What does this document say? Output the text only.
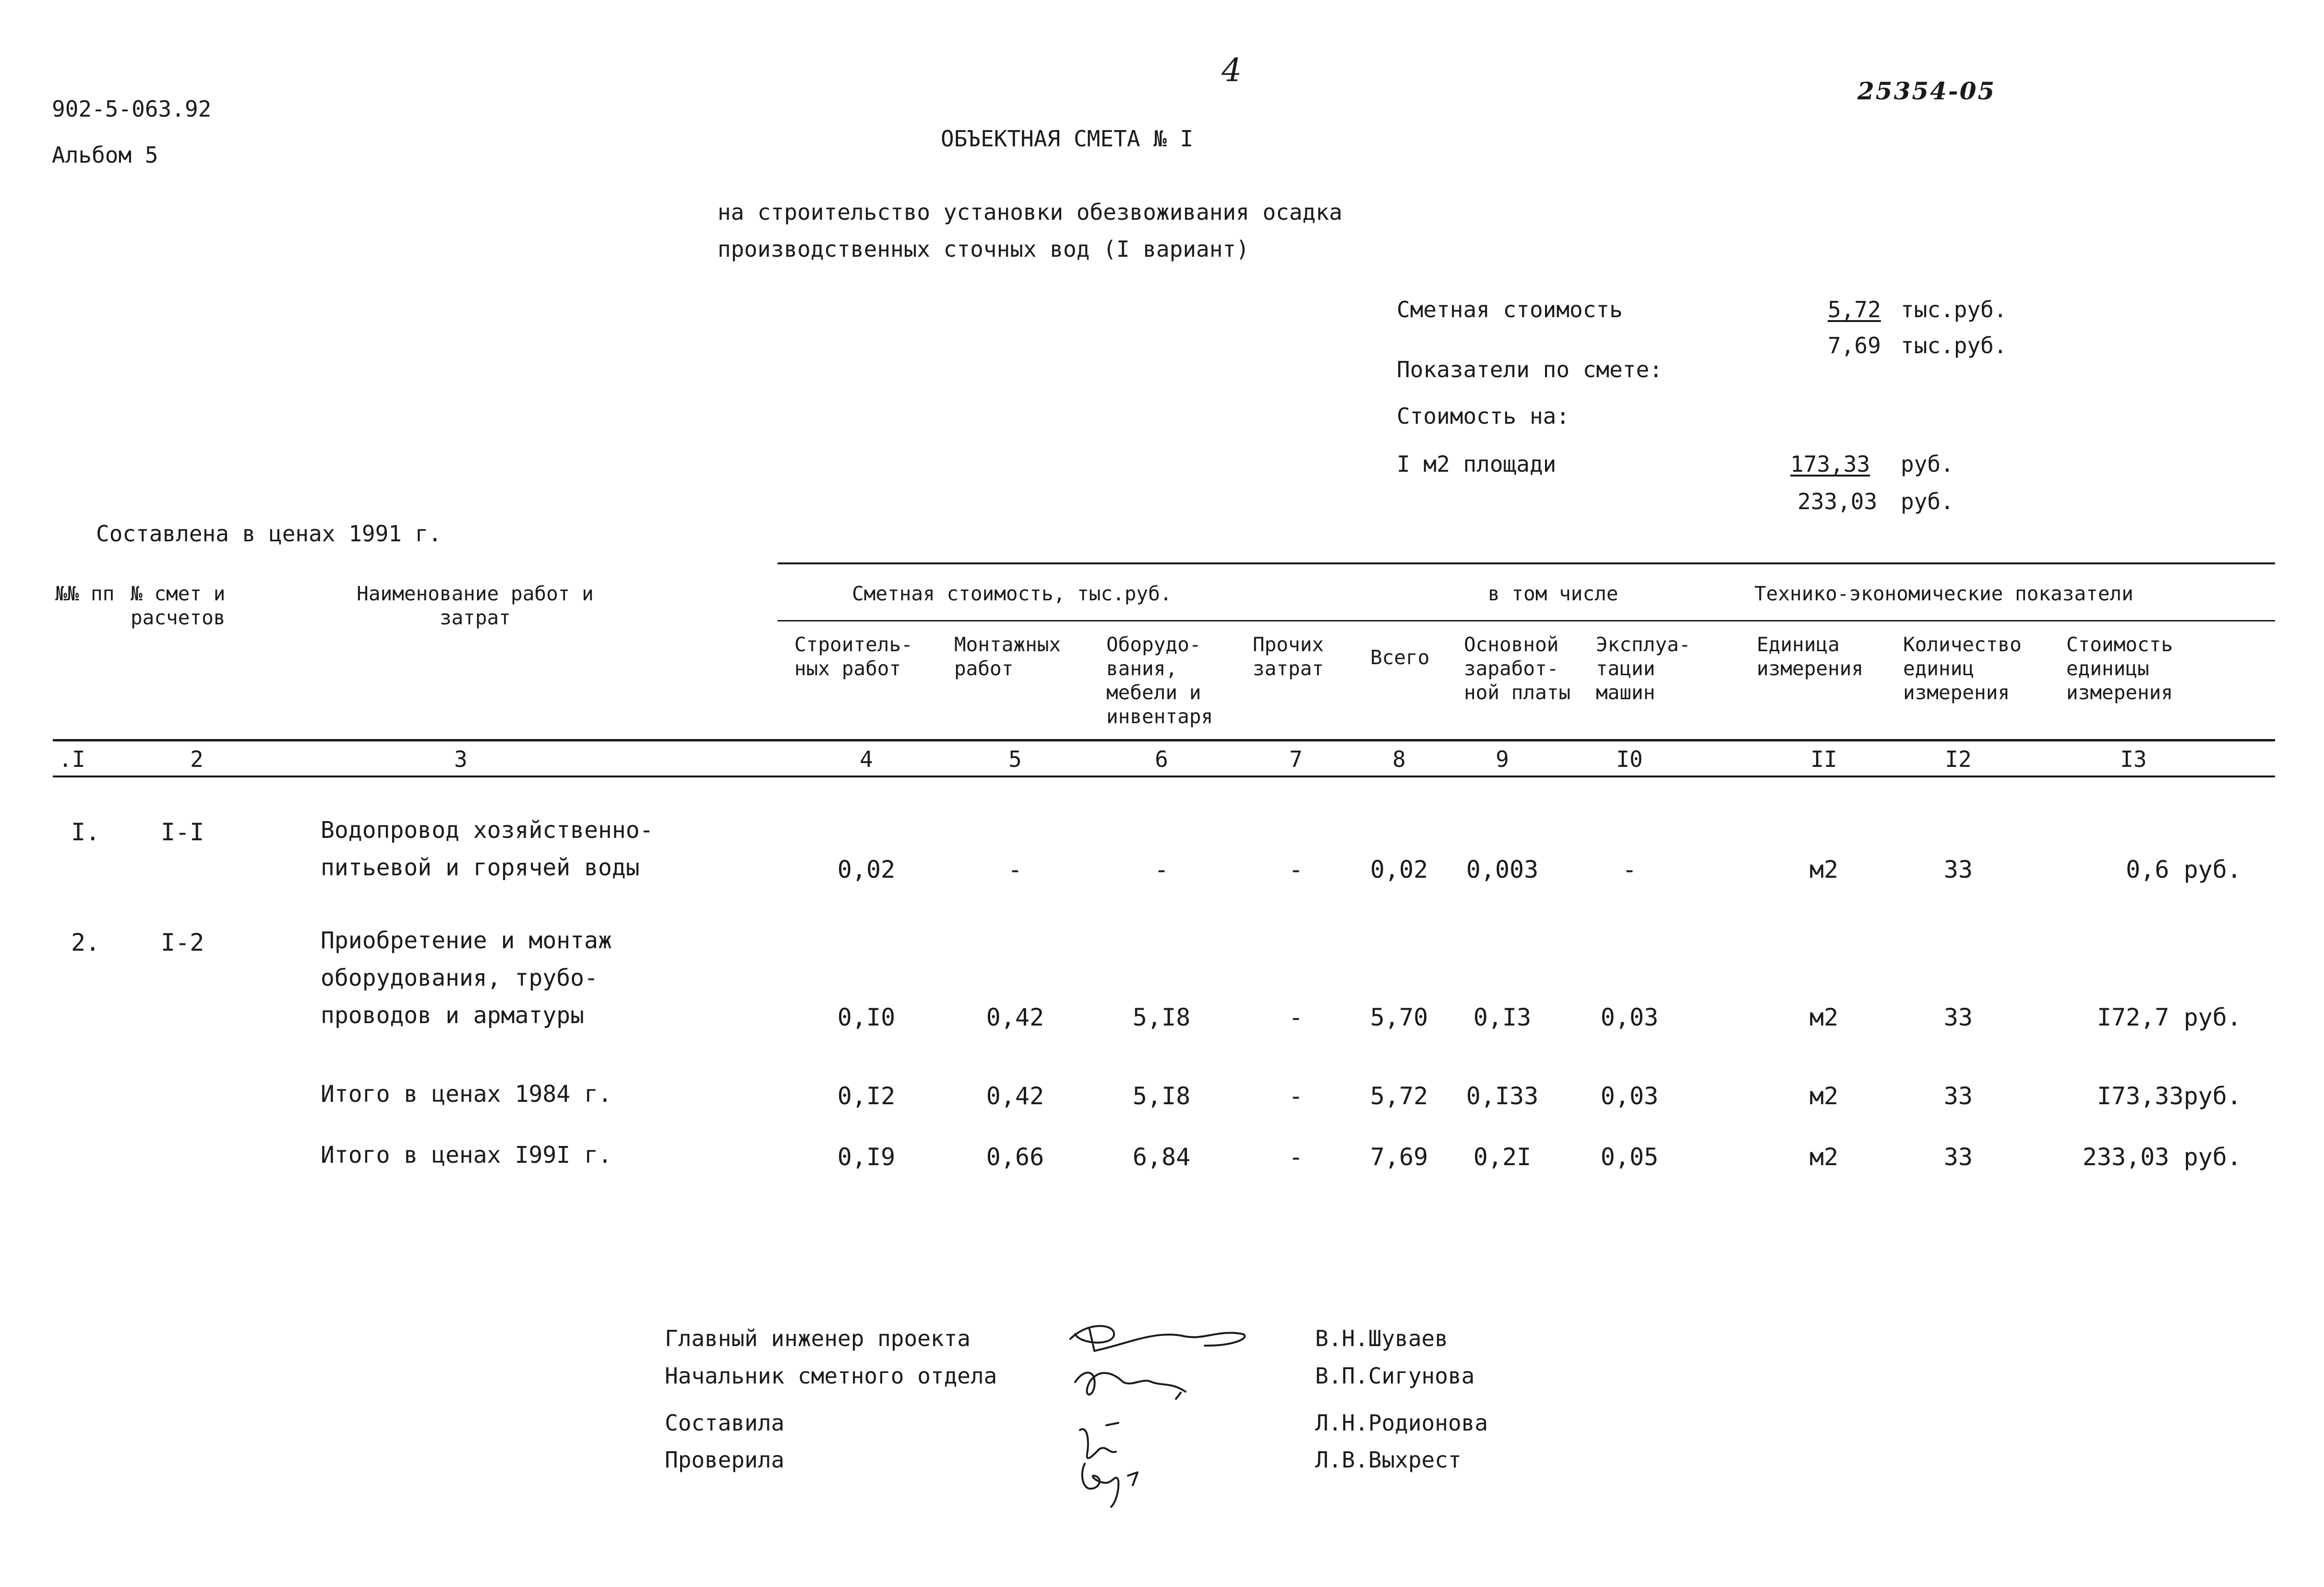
4
902-5-063.92
Альбом 5
25354-05
ОБЪЕКТНАЯ СМЕТА № I
на строительство установки обезвоживания осадка
производственных сточных вод (I вариант)
Сметная стоимость	5,72 тыс.руб.
7,69 тыс.руб.
Показатели по смете:
Стоимость на:
I м2 площади	173,33 руб.
233,03 руб.
Составлена в ценах 1991 г.
№№ пп № смет и расчетов
Наименование работ и затрат
Сметная стоимость, тыс.руб.	в том числе	Технико-экономические показатели
Строитель-ных работ
Монтажных работ
Оборудо-вания, мебели и инвентаря
Прочих затрат	Всего
Основной заработ-ной платы
Эксплуа-тации машин
Единица измерения
Количество единиц измерения
Стоимость единицы измерения
.I	2	3	4	5	6	7	8	9	I0	II	I2	I3
I.	I-I	Водопровод хозяйственно-
питьевой и горячей воды	0,02	-	-	-	0,02	0,003	-	м2	33	0,6 руб.
2.	I-2	Приобретение и монтаж
оборудования, трубо-
проводов и арматуры	0,I0	0,42	5,I8	-	5,70	0,I3	0,03	м2	33	I72,7 руб.
Итого в ценах 1984 г.	0,I2	0,42	5,I8	-	5,72	0,I33	0,03	м2	33	I73,33руб.
Итого в ценах I99I г.	0,I9	0,66	6,84	-	7,69	0,2I	0,05	м2	33	233,03 руб.
Главный инженер проекта	В.Н.Шуваев
Начальник сметного отдела	В.П.Сигунова
Составила	Л.Н.Родионова
Проверила	Л.В.Выхрест
